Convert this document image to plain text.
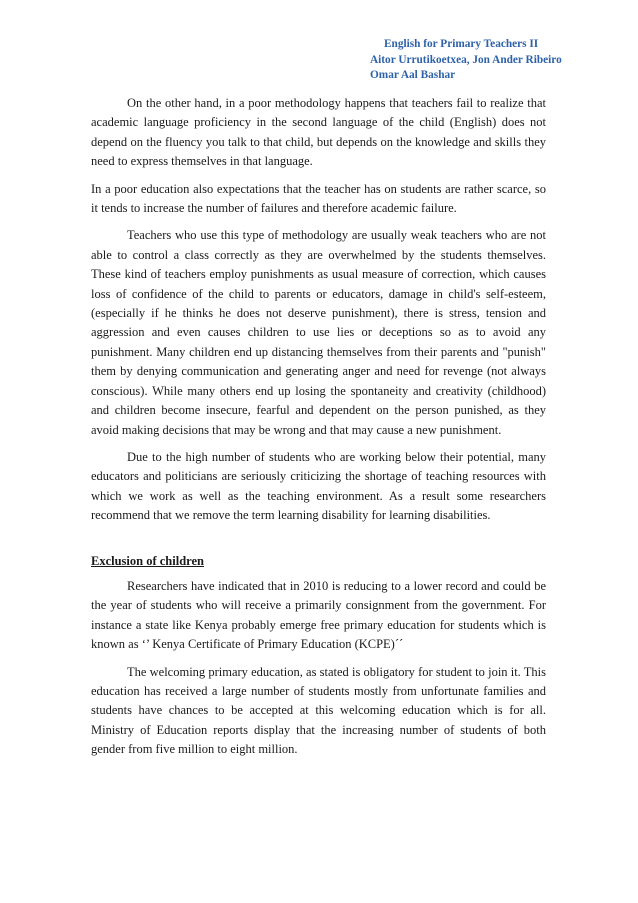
English for Primary Teachers II
Aitor Urrutikoetxea, Jon Ander Ribeiro
Omar Aal Bashar

On the other hand, in a poor methodology happens that teachers fail to realize that academic language proficiency in the second language of the child (English) does not depend on the fluency you talk to that child, but depends on the knowledge and skills they need to express themselves in that language.

In a poor education also expectations that the teacher has on students are rather scarce, so it tends to increase the number of failures and therefore academic failure.

Teachers who use this type of methodology are usually weak teachers who are not able to control a class correctly as they are overwhelmed by the students themselves. These kind of teachers employ punishments as usual measure of correction, which causes loss of confidence of the child to parents or educators, damage in child's self-esteem, (especially if he thinks he does not deserve punishment), there is stress, tension and aggression and even causes children to use lies or deceptions so as to avoid any punishment. Many children end up distancing themselves from their parents and "punish" them by denying communication and generating anger and need for revenge (not always conscious). While many others end up losing the spontaneity and creativity (childhood) and children become insecure, fearful and dependent on the person punished, as they avoid making decisions that may be wrong and that may cause a new punishment.

Due to the high number of students who are working below their potential, many educators and politicians are seriously criticizing the shortage of teaching resources with which we work as well as the teaching environment. As a result some researchers recommend that we remove the term learning disability for learning disabilities.

Exclusion of children

Researchers have indicated that in 2010 is reducing to a lower record and could be the year of students who will receive a primarily consignment from the government. For instance a state like Kenya probably emerge free primary education for students which is known as ‘’ Kenya Certificate of Primary Education (KCPE)´´

The welcoming primary education, as stated is obligatory for student to join it. This education has received a large number of students mostly from unfortunate families and students have chances to be accepted at this welcoming education which is for all. Ministry of Education reports display that the increasing number of students of both gender from five million to eight million.
